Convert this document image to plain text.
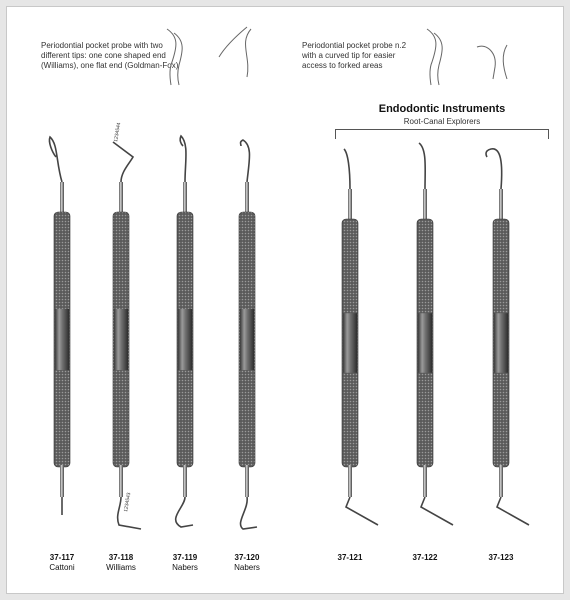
Periodontial pocket probe with two different tips: one cone shaped end (Williams), one flat end (Goldman-Fox)
Periodontial pocket probe n.2 with a curved tip for easier access to forked areas
Endodontic Instruments
Root-Canal Explorers
1234544
1234543
37-117
Cattoni
37-118
Williams
37-119
Nabers
37-120
Nabers
37-121	37-122	37-123
